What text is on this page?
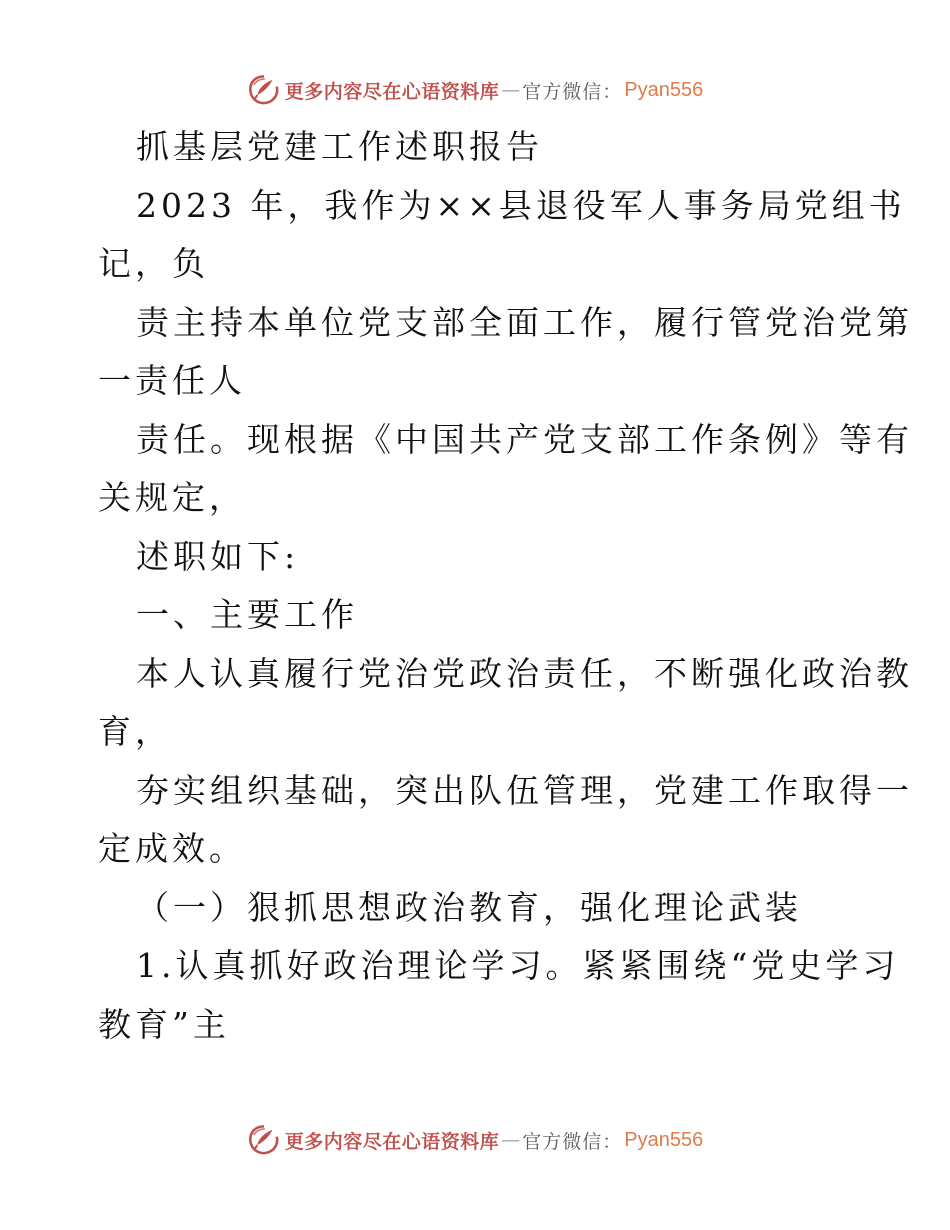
更多内容尽在心语资料库 — 官方微信： Pyan556

抓基层党建工作述职报告

2023 年，我作为××县退役军人事务局党组书

记，负

责主持本单位党支部全面工作，履行管党治党第

一责任人

责任。现根据《中国共产党支部工作条例》等有

关规定，

述职如下:

一、主要工作

本人认真履行党治党政治责任，不断强化政治教

育，

夯实组织基础，突出队伍管理，党建工作取得一

定成效。

（一）狠抓思想政治教育，强化理论武装

1.认真抓好政治理论学习。紧紧围绕“党史学习

教育”主

更多内容尽在心语资料库 — 官方微信： Pyan556
